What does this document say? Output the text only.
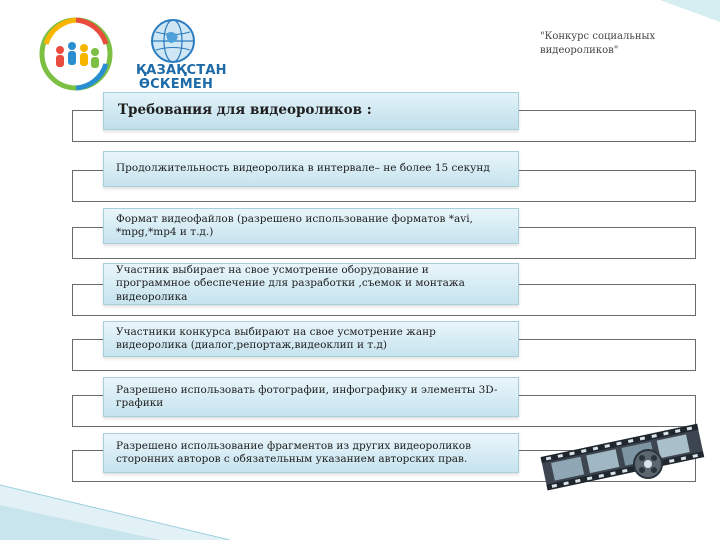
ҚАЗАҚСТАН
ӨСКЕМЕН
"Конкурс социальных видеороликов"
Требования для видеороликов :
Продолжительность видеоролика в интервале– не более 15 секунд
Формат видеофайлов (разрешено использование форматов *avi, *mpg,*mp4 и т.д.)
Участник выбирает на свое усмотрение оборудование и программное обеспечение для разработки ,съемок и монтажа видеоролика
Участники конкурса выбирают на свое усмотрение жанр видеоролика (диалог,репортаж,видеоклип и т.д)
Разрешено использовать фотографии, инфографику и элементы 3D-графики
Разрешено использование фрагментов из других видеороликов сторонних авторов с обязательным указанием авторских прав.
